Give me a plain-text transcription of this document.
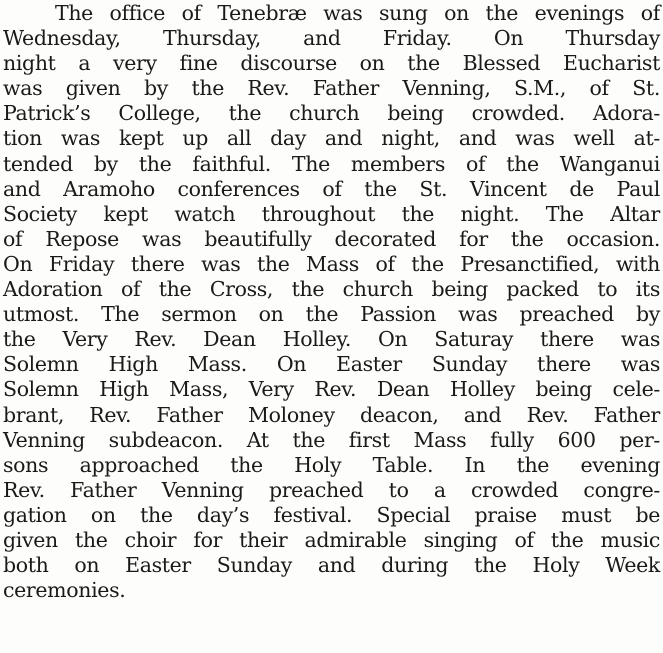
The office of Tenebræ was sung on the evenings of
Wednesday, Thursday, and Friday. On Thursday
night a very fine discourse on the Blessed Eucharist
was given by the Rev. Father Venning, S.M., of St.
Patrick’s College, the church being crowded. Adora-
tion was kept up all day and night, and was well at-
tended by the faithful. The members of the Wanganui
and Aramoho conferences of the St. Vincent de Paul
Society kept watch throughout the night. The Altar
of Repose was beautifully decorated for the occasion.
On Friday there was the Mass of the Presanctified, with
Adoration of the Cross, the church being packed to its
utmost. The sermon on the Passion was preached by
the Very Rev. Dean Holley. On Saturay there was
Solemn High Mass. On Easter Sunday there was
Solemn High Mass, Very Rev. Dean Holley being cele-
brant, Rev. Father Moloney deacon, and Rev. Father
Venning subdeacon. At the first Mass fully 600 per-
sons approached the Holy Table. In the evening
Rev. Father Venning preached to a crowded congre-
gation on the day’s festival. Special praise must be
given the choir for their admirable singing of the music
both on Easter Sunday and during the Holy Week
ceremonies.
